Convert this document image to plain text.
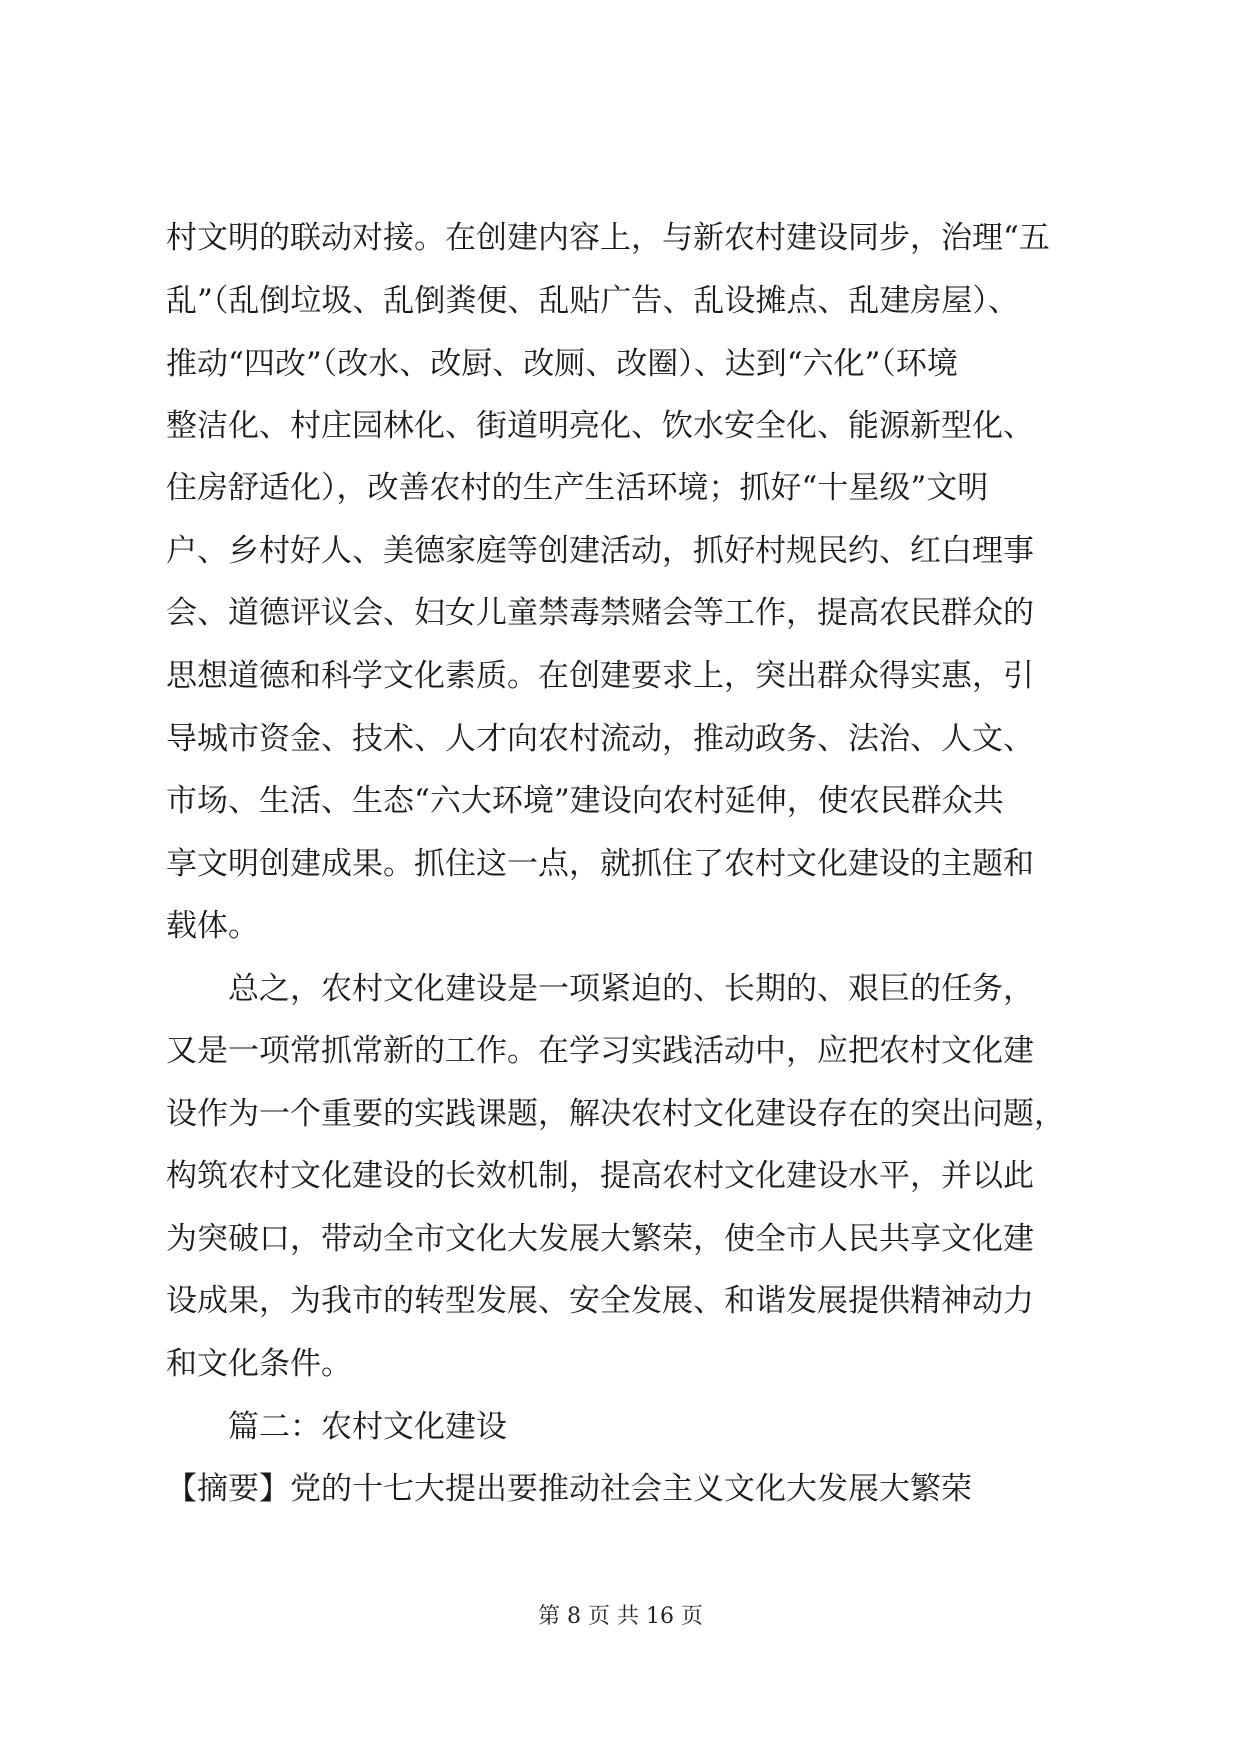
村文明的联动对接。在创建内容上，与新农村建设同步，治理“五
乱”（乱倒垃圾、乱倒粪便、乱贴广告、乱设摊点、乱建房屋）、
推动“四改”（改水、改厨、改厕、改圈）、达到“六化”（环境
整洁化、村庄园林化、街道明亮化、饮水安全化、能源新型化、
住房舒适化），改善农村的生产生活环境；抓好“十星级”文明
户、乡村好人、美德家庭等创建活动，抓好村规民约、红白理事
会、道德评议会、妇女儿童禁毒禁赌会等工作，提高农民群众的
思想道德和科学文化素质。在创建要求上，突出群众得实惠，引
导城市资金、技术、人才向农村流动，推动政务、法治、人文、
市场、生活、生态“六大环境”建设向农村延伸，使农民群众共
享文明创建成果。抓住这一点，就抓住了农村文化建设的主题和
载体。
　　总之，农村文化建设是一项紧迫的、长期的、艰巨的任务，
又是一项常抓常新的工作。在学习实践活动中，应把农村文化建
设作为一个重要的实践课题，解决农村文化建设存在的突出问题，
构筑农村文化建设的长效机制，提高农村文化建设水平，并以此
为突破口，带动全市文化大发展大繁荣，使全市人民共享文化建
设成果，为我市的转型发展、安全发展、和谐发展提供精神动力
和文化条件。
　　篇二：农村文化建设
【摘要】党的十七大提出要推动社会主义文化大发展大繁荣
第 8 页 共 16 页
